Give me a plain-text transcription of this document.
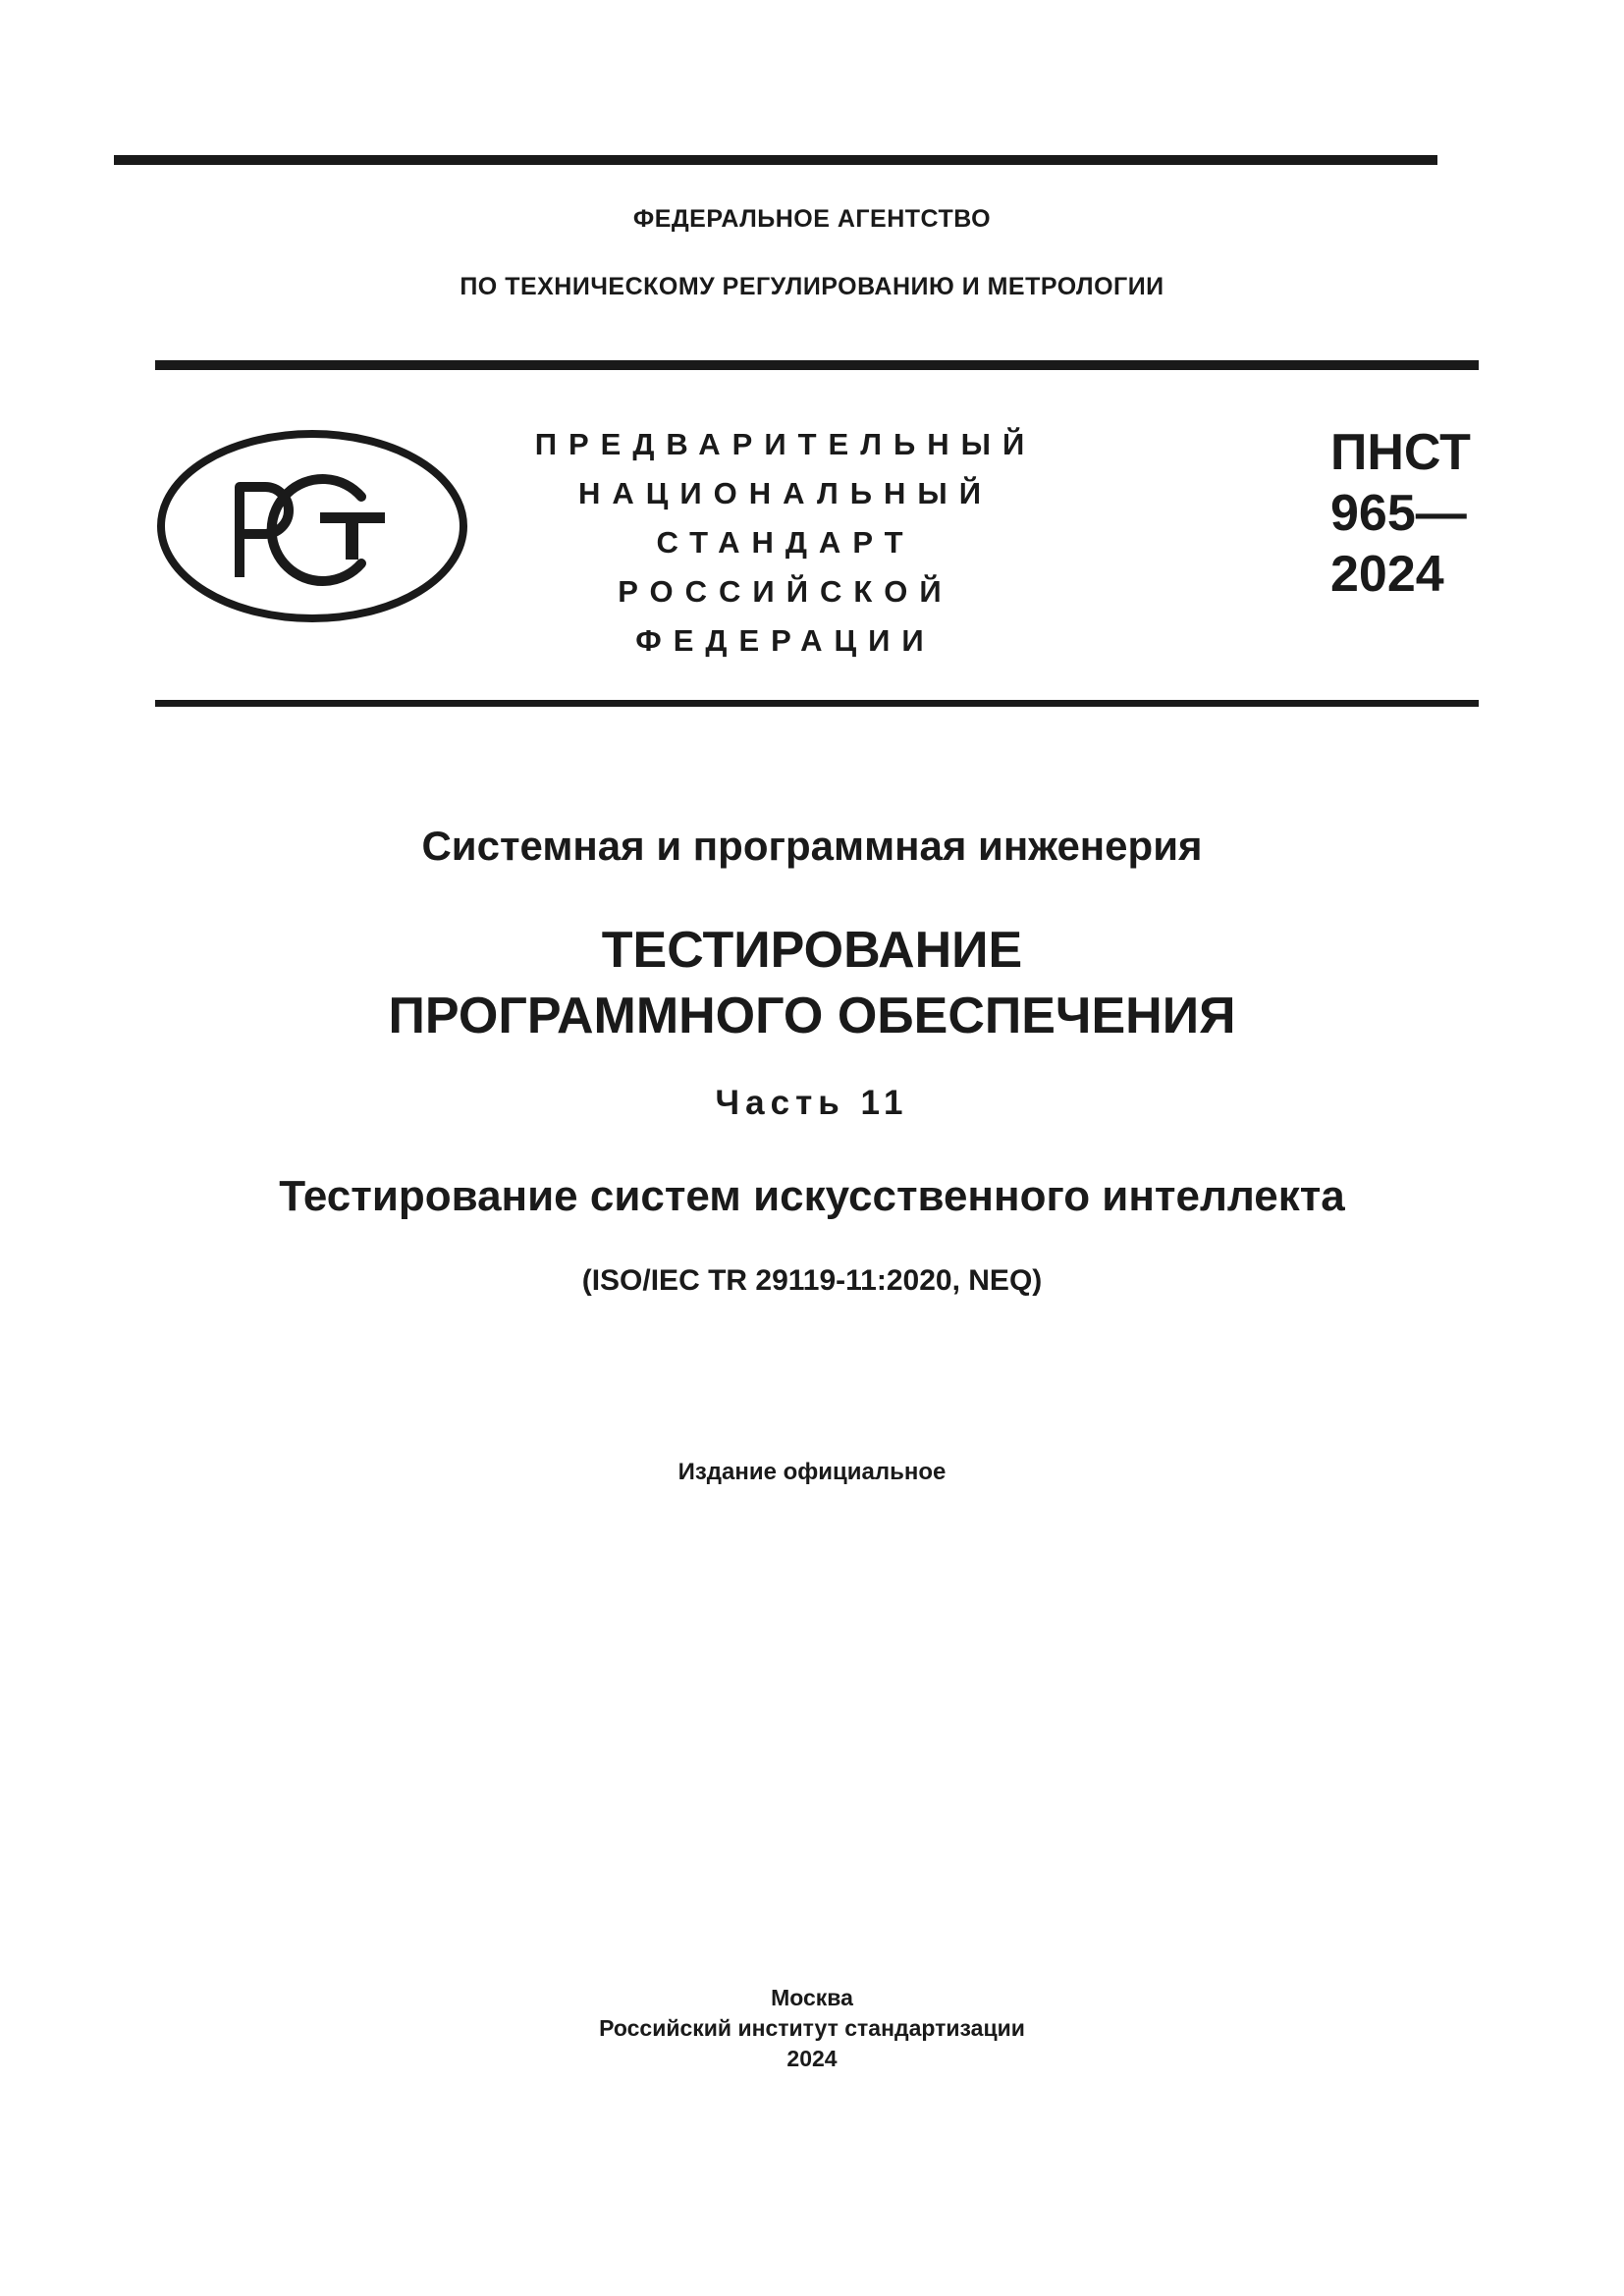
ФЕДЕРАЛЬНОЕ АГЕНТСТВО
ПО ТЕХНИЧЕСКОМУ РЕГУЛИРОВАНИЮ И МЕТРОЛОГИИ
ПРЕДВАРИТЕЛЬНЫЙ
НАЦИОНАЛЬНЫЙ
СТАНДАРТ
РОССИЙСКОЙ
ФЕДЕРАЦИИ
ПНСТ
965—
2024
Системная и программная инженерия
ТЕСТИРОВАНИЕ
ПРОГРАММНОГО ОБЕСПЕЧЕНИЯ
Часть 11
Тестирование систем искусственного интеллекта
(ISO/IEC TR 29119-11:2020, NEQ)
Издание официальное
Москва
Российский институт стандартизации
2024
